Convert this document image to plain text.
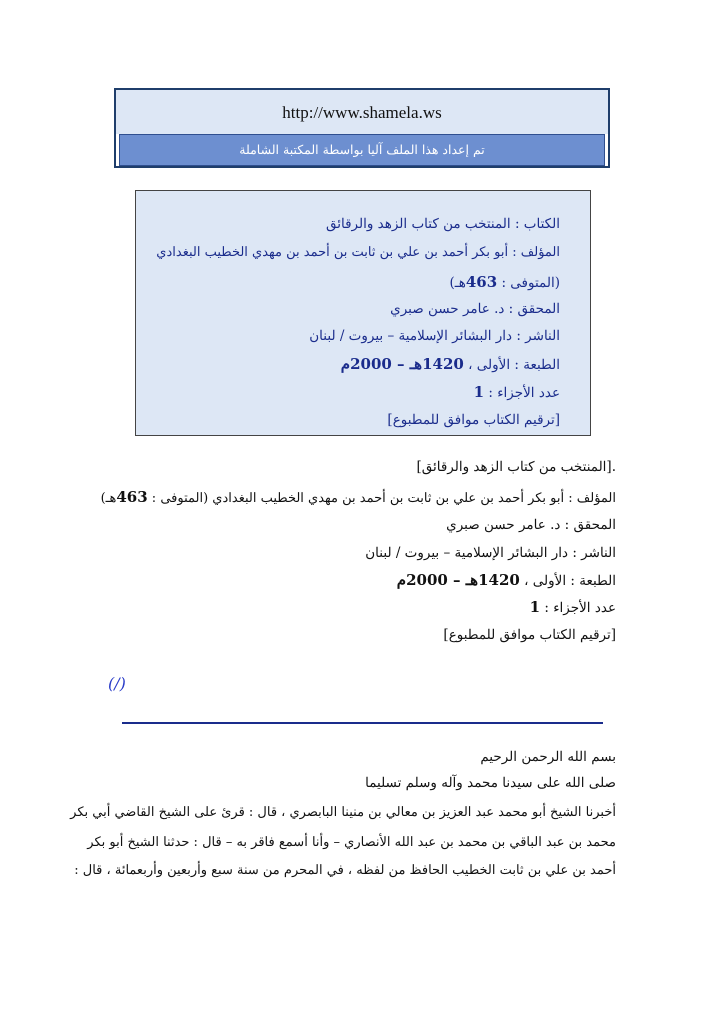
http://www.shamela.ws
تم إعداد هذا الملف آليا بواسطة المكتبة الشاملة
الكتاب : المنتخب من كتاب الزهد والرقائق
المؤلف : أبو بكر أحمد بن علي بن ثابت بن أحمد بن مهدي الخطيب البغدادي
(المتوفى : 463هـ)
المحقق : د. عامر حسن صبري
الناشر : دار البشائر الإسلامية – بيروت / لبنان
الطبعة : الأولى ، 1420هـ – 2000م
عدد الأجزاء : 1
[ترقيم الكتاب موافق للمطبوع]
.[المنتخب من كتاب الزهد والرقائق]
المؤلف : أبو بكر أحمد بن علي بن ثابت بن أحمد بن مهدي الخطيب البغدادي (المتوفى : 463هـ)
المحقق : د. عامر حسن صبري
الناشر : دار البشائر الإسلامية – بيروت / لبنان
الطبعة : الأولى ، 1420هـ – 2000م
عدد الأجزاء : 1
[ترقيم الكتاب موافق للمطبوع]
(/)
بسم الله الرحمن الرحيم
صلى الله على سيدنا محمد وآله وسلم تسليما
أخبرنا الشيخ أبو محمد عبد العزيز بن معالي بن منينا البابصري ، قال : قرئ على الشيخ القاضي أبي بكر
محمد بن عبد الباقي بن محمد بن عبد الله الأنصاري – وأنا أسمع فاقر به – قال : حدثنا الشيخ أبو بكر
أحمد بن علي بن ثابت الخطيب الحافظ من لفظه ، في المحرم من سنة سبع وأربعين وأربعمائة ، قال :
